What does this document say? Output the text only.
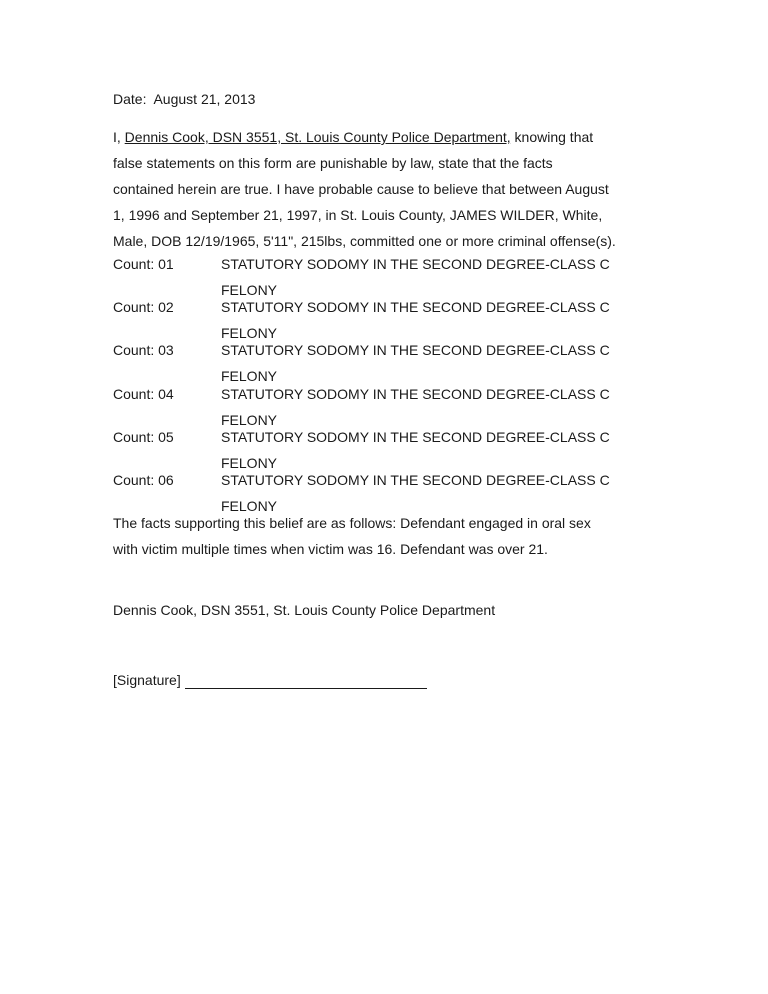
Date:  August 21, 2013
I, Dennis Cook, DSN 3551, St. Louis County Police Department, knowing that
false statements on this form are punishable by law, state that the facts
contained herein are true. I have probable cause to believe that between August
1, 1996 and September 21, 1997, in St. Louis County, JAMES WILDER, White,
Male, DOB 12/19/1965, 5'11", 215lbs, committed one or more criminal offense(s).
Count: 01	STATUTORY SODOMY IN THE SECOND DEGREE-CLASS C
FELONY
Count: 02	STATUTORY SODOMY IN THE SECOND DEGREE-CLASS C
FELONY
Count: 03	STATUTORY SODOMY IN THE SECOND DEGREE-CLASS C
FELONY
Count: 04	STATUTORY SODOMY IN THE SECOND DEGREE-CLASS C
FELONY
Count: 05	STATUTORY SODOMY IN THE SECOND DEGREE-CLASS C
FELONY
Count: 06	STATUTORY SODOMY IN THE SECOND DEGREE-CLASS C
FELONY
The facts supporting this belief are as follows: Defendant engaged in oral sex
with victim multiple times when victim was 16. Defendant was over 21.
Dennis Cook, DSN 3551, St. Louis County Police Department
[Signature]
